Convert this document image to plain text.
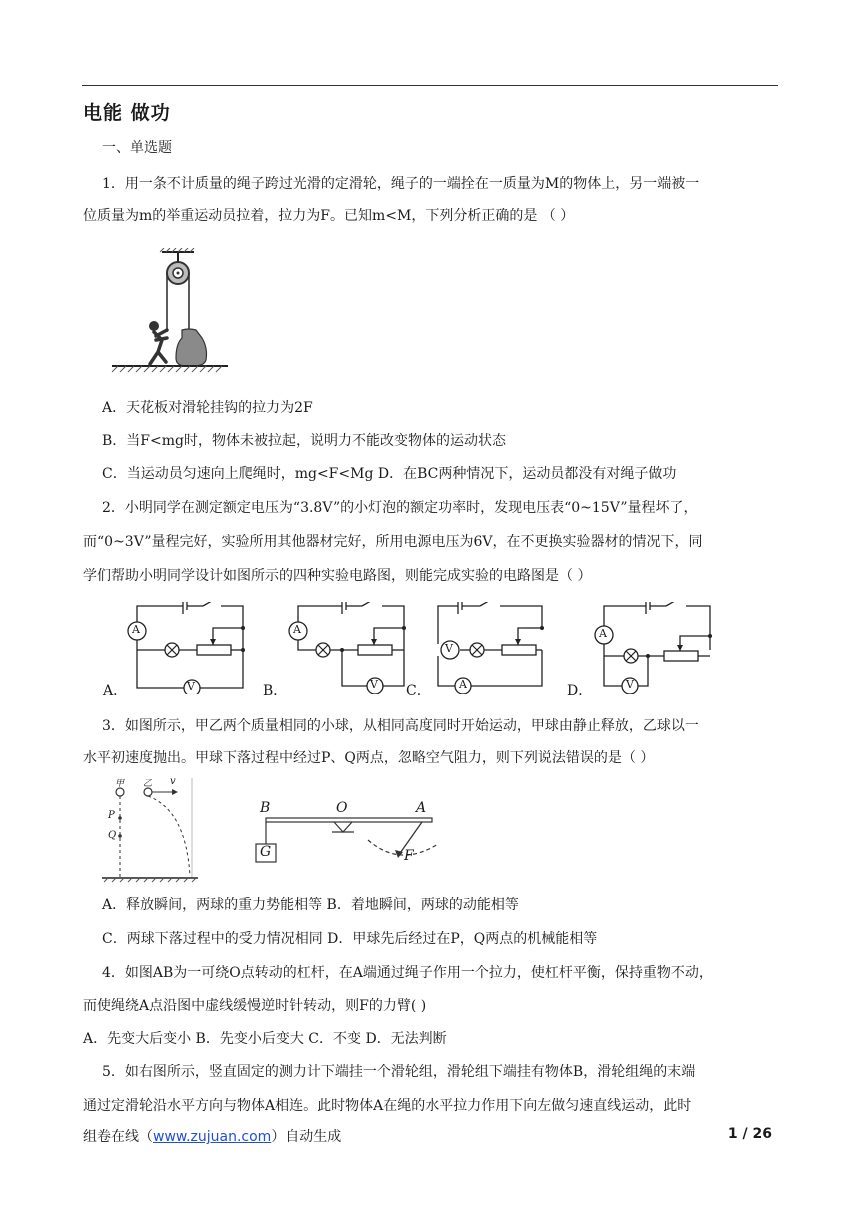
电能 做功
一、单选题
1．用一条不计质量的绳子跨过光滑的定滑轮，绳子的一端拴在一质量为M的物体上，另一端被一
位质量为m的举重运动员拉着，拉力为F。已知m<M，下列分析正确的是 （ ）
A．天花板对滑轮挂钩的拉力为2F
B．当F<mg时，物体未被拉起，说明力不能改变物体的运动状态
C．当运动员匀速向上爬绳时，mg<F<Mg D．在BC两种情况下，运动员都没有对绳子做功
2．小明同学在测定额定电压为“3.8V”的小灯泡的额定功率时，发现电压表“0~15V”量程坏了，
而“0~3V”量程完好，实验所用其他器材完好，所用电源电压为6V，在不更换实验器材的情况下，同
学们帮助小明同学设计如图所示的四种实验电路图，则能完成实验的电路图是（ ）
A．
A
V	B．
A
V C．
V
A	D．
A
V
3．如图所示，甲乙两个质量相同的小球，从相同高度同时开始运动，甲球由静止释放，乙球以一
水平初速度抛出。甲球下落过程中经过P、Q两点，忽略空气阻力，则下列说法错误的是（ ）
甲 乙 v
P
Q
B	O	A
G	F
A．释放瞬间，两球的重力势能相等 B．着地瞬间，两球的动能相等
C．两球下落过程中的受力情况相同 D．甲球先后经过在P，Q两点的机械能相等
4．如图AB为一可绕O点转动的杠杆，在A端通过绳子作用一个拉力，使杠杆平衡，保持重物不动，
而使绳绕A点沿图中虚线缓慢逆时针转动，则F的力臂( )
A．先变大后变小 B．先变小后变大 C．不变 D．无法判断
5．如右图所示，竖直固定的测力计下端挂一个滑轮组，滑轮组下端挂有物体B，滑轮组绳的末端
通过定滑轮沿水平方向与物体A相连。此时物体A在绳的水平拉力作用下向左做匀速直线运动，此时
组卷在线（www.zujuan.com）自动生成	1 / 26
